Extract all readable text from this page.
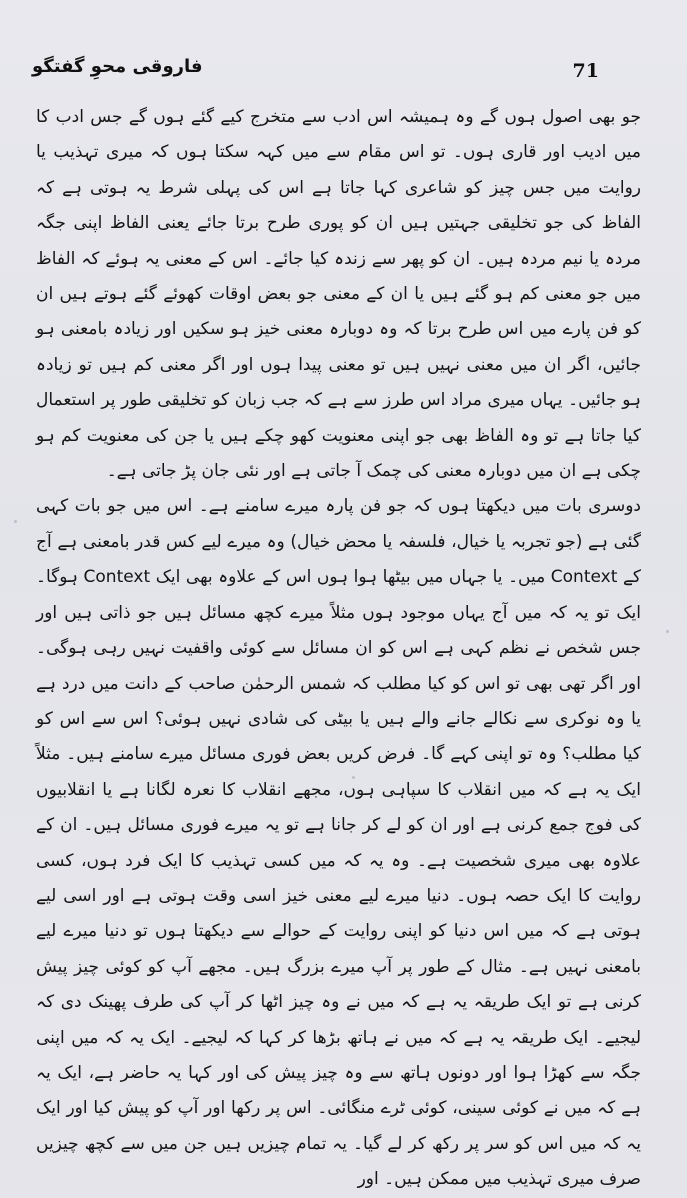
فاروقی محوِ گفتگو	71

جو بھی اصول ہوں گے وہ ہمیشہ اس ادب سے متخرج کیے گئے ہوں گے جس ادب کا میں ادیب اور قاری ہوں۔ تو اس مقام سے میں کہہ سکتا ہوں کہ میری تہذیب یا روایت میں جس چیز کو شاعری کہا جاتا ہے اس کی پہلی شرط یہ ہوتی ہے کہ الفاظ کی جو تخلیقی جہتیں ہیں ان کو پوری طرح برتا جائے یعنی الفاظ اپنی جگہ مردہ یا نیم مردہ ہیں۔ ان کو پھر سے زندہ کیا جائے۔ اس کے معنی یہ ہوئے کہ الفاظ میں جو معنی کم ہو گئے ہیں یا ان کے معنی جو بعض اوقات کھوئے گئے ہوتے ہیں ان کو فن پارے میں اس طرح برتا کہ وہ دوبارہ معنی خیز ہو سکیں اور زیادہ بامعنی ہو جائیں، اگر ان میں معنی نہیں ہیں تو معنی پیدا ہوں اور اگر معنی کم ہیں تو زیادہ ہو جائیں۔ یہاں میری مراد اس طرز سے ہے کہ جب زبان کو تخلیقی طور پر استعمال کیا جاتا ہے تو وہ الفاظ بھی جو اپنی معنویت کھو چکے ہیں یا جن کی معنویت کم ہو چکی ہے ان میں دوبارہ معنی کی چمک آ جاتی ہے اور نئی جان پڑ جاتی ہے۔

دوسری بات میں دیکھتا ہوں کہ جو فن پارہ میرے سامنے ہے۔ اس میں جو بات کہی گئی ہے (جو تجربہ یا خیال، فلسفہ یا محض خیال) وہ میرے لیے کس قدر بامعنی ہے آج کے Context میں۔ یا جہاں میں بیٹھا ہوا ہوں اس کے علاوہ بھی ایک Context ہوگا۔ ایک تو یہ کہ میں آج یہاں موجود ہوں مثلاً میرے کچھ مسائل ہیں جو ذاتی ہیں اور جس شخص نے نظم کہی ہے اس کو ان مسائل سے کوئی واقفیت نہیں رہی ہوگی۔ اور اگر تھی بھی تو اس کو کیا مطلب کہ شمس الرحمٰن صاحب کے دانت میں درد ہے یا وہ نوکری سے نکالے جانے والے ہیں یا بیٹی کی شادی نہیں ہوئی؟ اس سے اس کو کیا مطلب؟ وہ تو اپنی کہے گا۔ فرض کریں بعض فوری مسائل میرے سامنے ہیں۔ مثلاً ایک یہ ہے کہ میں انقلاب کا سپاہی ہوں، مجھے انقلاب کا نعرہ لگانا ہے یا انقلابیوں کی فوج جمع کرنی ہے اور ان کو لے کر جانا ہے تو یہ میرے فوری مسائل ہیں۔ ان کے علاوہ بھی میری شخصیت ہے۔ وہ یہ کہ میں کسی تہذیب کا ایک فرد ہوں، کسی روایت کا ایک حصہ ہوں۔ دنیا میرے لیے معنی خیز اسی وقت ہوتی ہے اور اسی لیے ہوتی ہے کہ میں اس دنیا کو اپنی روایت کے حوالے سے دیکھتا ہوں تو دنیا میرے لیے بامعنی نہیں ہے۔ مثال کے طور پر آپ میرے بزرگ ہیں۔ مجھے آپ کو کوئی چیز پیش کرنی ہے تو ایک طریقہ یہ ہے کہ میں نے وہ چیز اٹھا کر آپ کی طرف پھینک دی کہ لیجیے۔ ایک طریقہ یہ ہے کہ میں نے ہاتھ بڑھا کر کہا کہ لیجیے۔ ایک یہ کہ میں اپنی جگہ سے کھڑا ہوا اور دونوں ہاتھ سے وہ چیز پیش کی اور کہا یہ حاضر ہے، ایک یہ ہے کہ میں نے کوئی سینی، کوئی ٹرے منگائی۔ اس پر رکھا اور آپ کو پیش کیا اور ایک یہ کہ میں اس کو سر پر رکھ کر لے گیا۔ یہ تمام چیزیں ہیں جن میں سے کچھ چیزیں صرف میری تہذیب میں ممکن ہیں۔ اور
